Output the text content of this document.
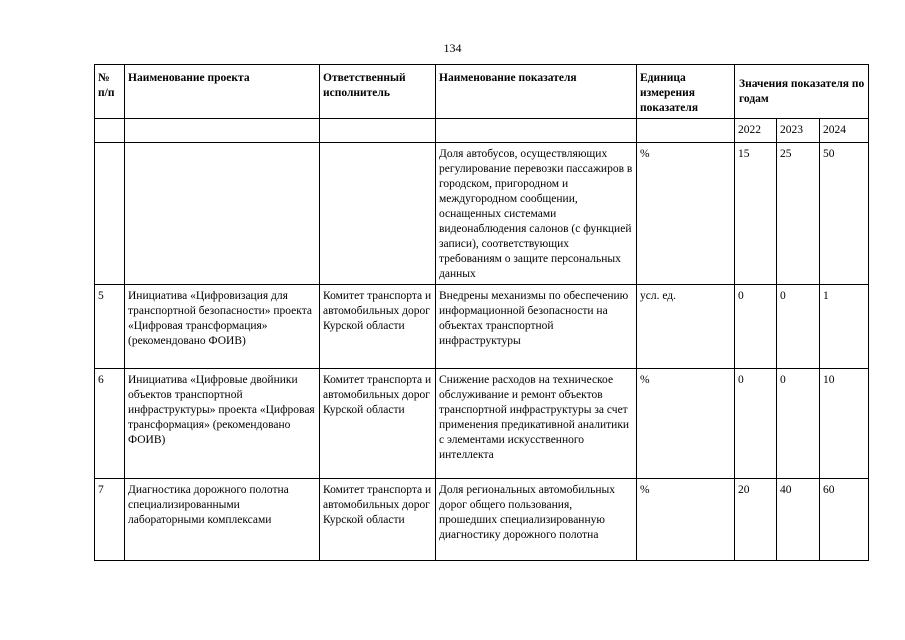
134
№ п/п	Наименование проекта	Ответственный исполнитель	Наименование показателя	Единица измерения показателя	Значения показателя по годам		
					2022	2023	2024
			Доля автобусов, осуществляющих регулирование перевозки пассажиров в городском, пригородном и междугородном сообщении, оснащенных системами видеонаблюдения салонов (с функцией записи), соответствующих требованиям о защите персональных данных	%	15	25	50
5	Инициатива «Цифровизация для транспортной безопасности» проекта «Цифровая трансформация» (рекомендовано ФОИВ)	Комитет транспорта и автомобильных дорог Курской области	Внедрены механизмы по обеспечению информационной безопасности на объектах транспортной инфраструктуры	усл. ед.	0	0	1
6	Инициатива «Цифровые двойники объектов транспортной инфраструктуры» проекта «Цифровая трансформация» (рекомендовано ФОИВ)	Комитет транспорта и автомобильных дорог Курской области	Снижение расходов на техническое обслуживание и ремонт объектов транспортной инфраструктуры за счет применения предикативной аналитики с элементами искусственного интеллекта	%	0	0	10
7	Диагностика дорожного полотна специализированными лабораторными комплексами	Комитет транспорта и автомобильных дорог Курской области	Доля региональных автомобильных дорог общего пользования, прошедших специализированную диагностику дорожного полотна	%	20	40	60
